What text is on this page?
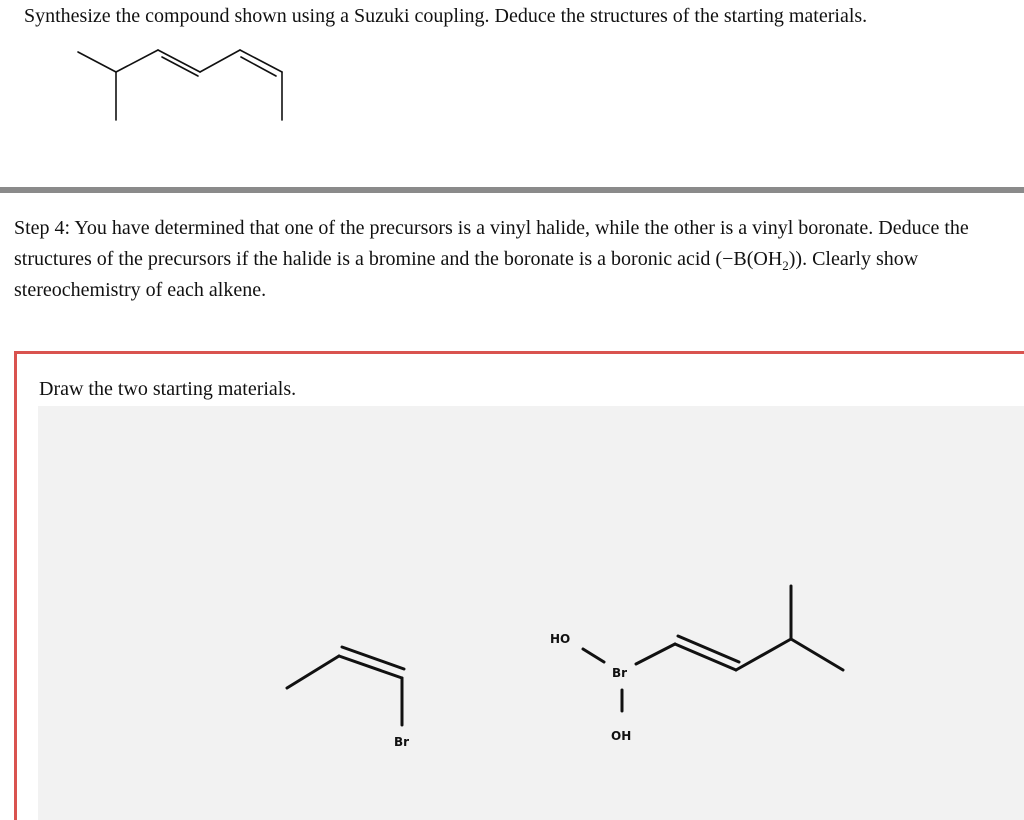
Synthesize the compound shown using a Suzuki coupling. Deduce the structures of the starting materials.
Step 4: You have determined that one of the precursors is a vinyl halide, while the other is a vinyl boronate. Deduce the
structures of the precursors if the halide is a bromine and the boronate is a boronic acid $(-B(OH_2))$. Clearly show
stereochemistry of each alkene.
Draw the two starting materials.
Br
HO
Br
OH
